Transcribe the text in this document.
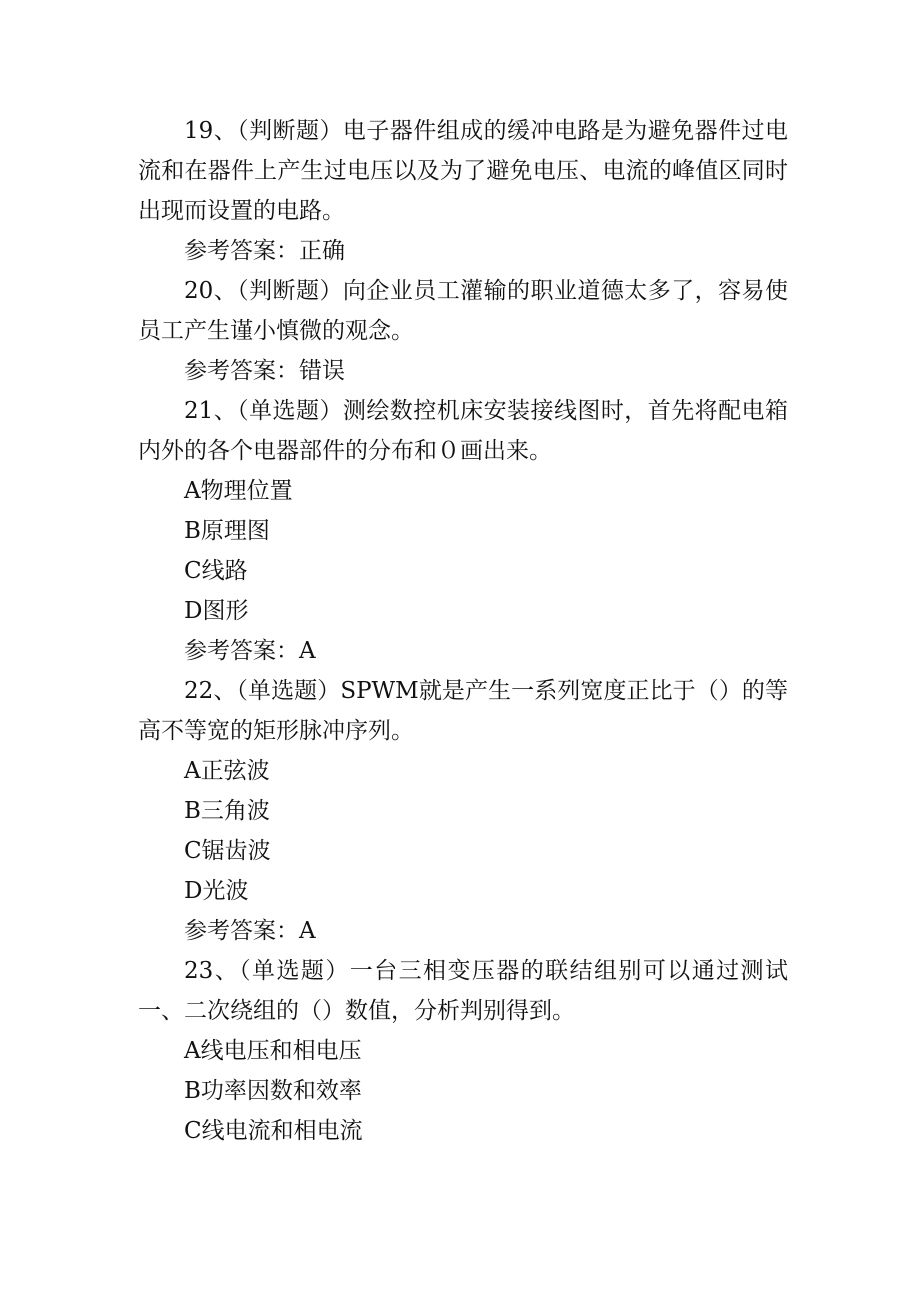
19、（判断题）电子器件组成的缓冲电路是为避免器件过电流和在器件上产生过电压以及为了避免电压、电流的峰值区同时出现而设置的电路。

参考答案：正确

20、（判断题）向企业员工灌输的职业道德太多了，容易使员工产生谨小慎微的观念。

参考答案：错误

21、（单选题）测绘数控机床安装接线图时，首先将配电箱内外的各个电器部件的分布和０画出来。

A物理位置

B原理图

C线路

D图形

参考答案：A

22、（单选题）SPWM就是产生一系列宽度正比于（）的等高不等宽的矩形脉冲序列。

A正弦波

B三角波

C锯齿波

D光波

参考答案：A

23、（单选题）一台三相变压器的联结组别可以通过测试一、二次绕组的（）数值，分析判别得到。

A线电压和相电压

B功率因数和效率

C线电流和相电流
